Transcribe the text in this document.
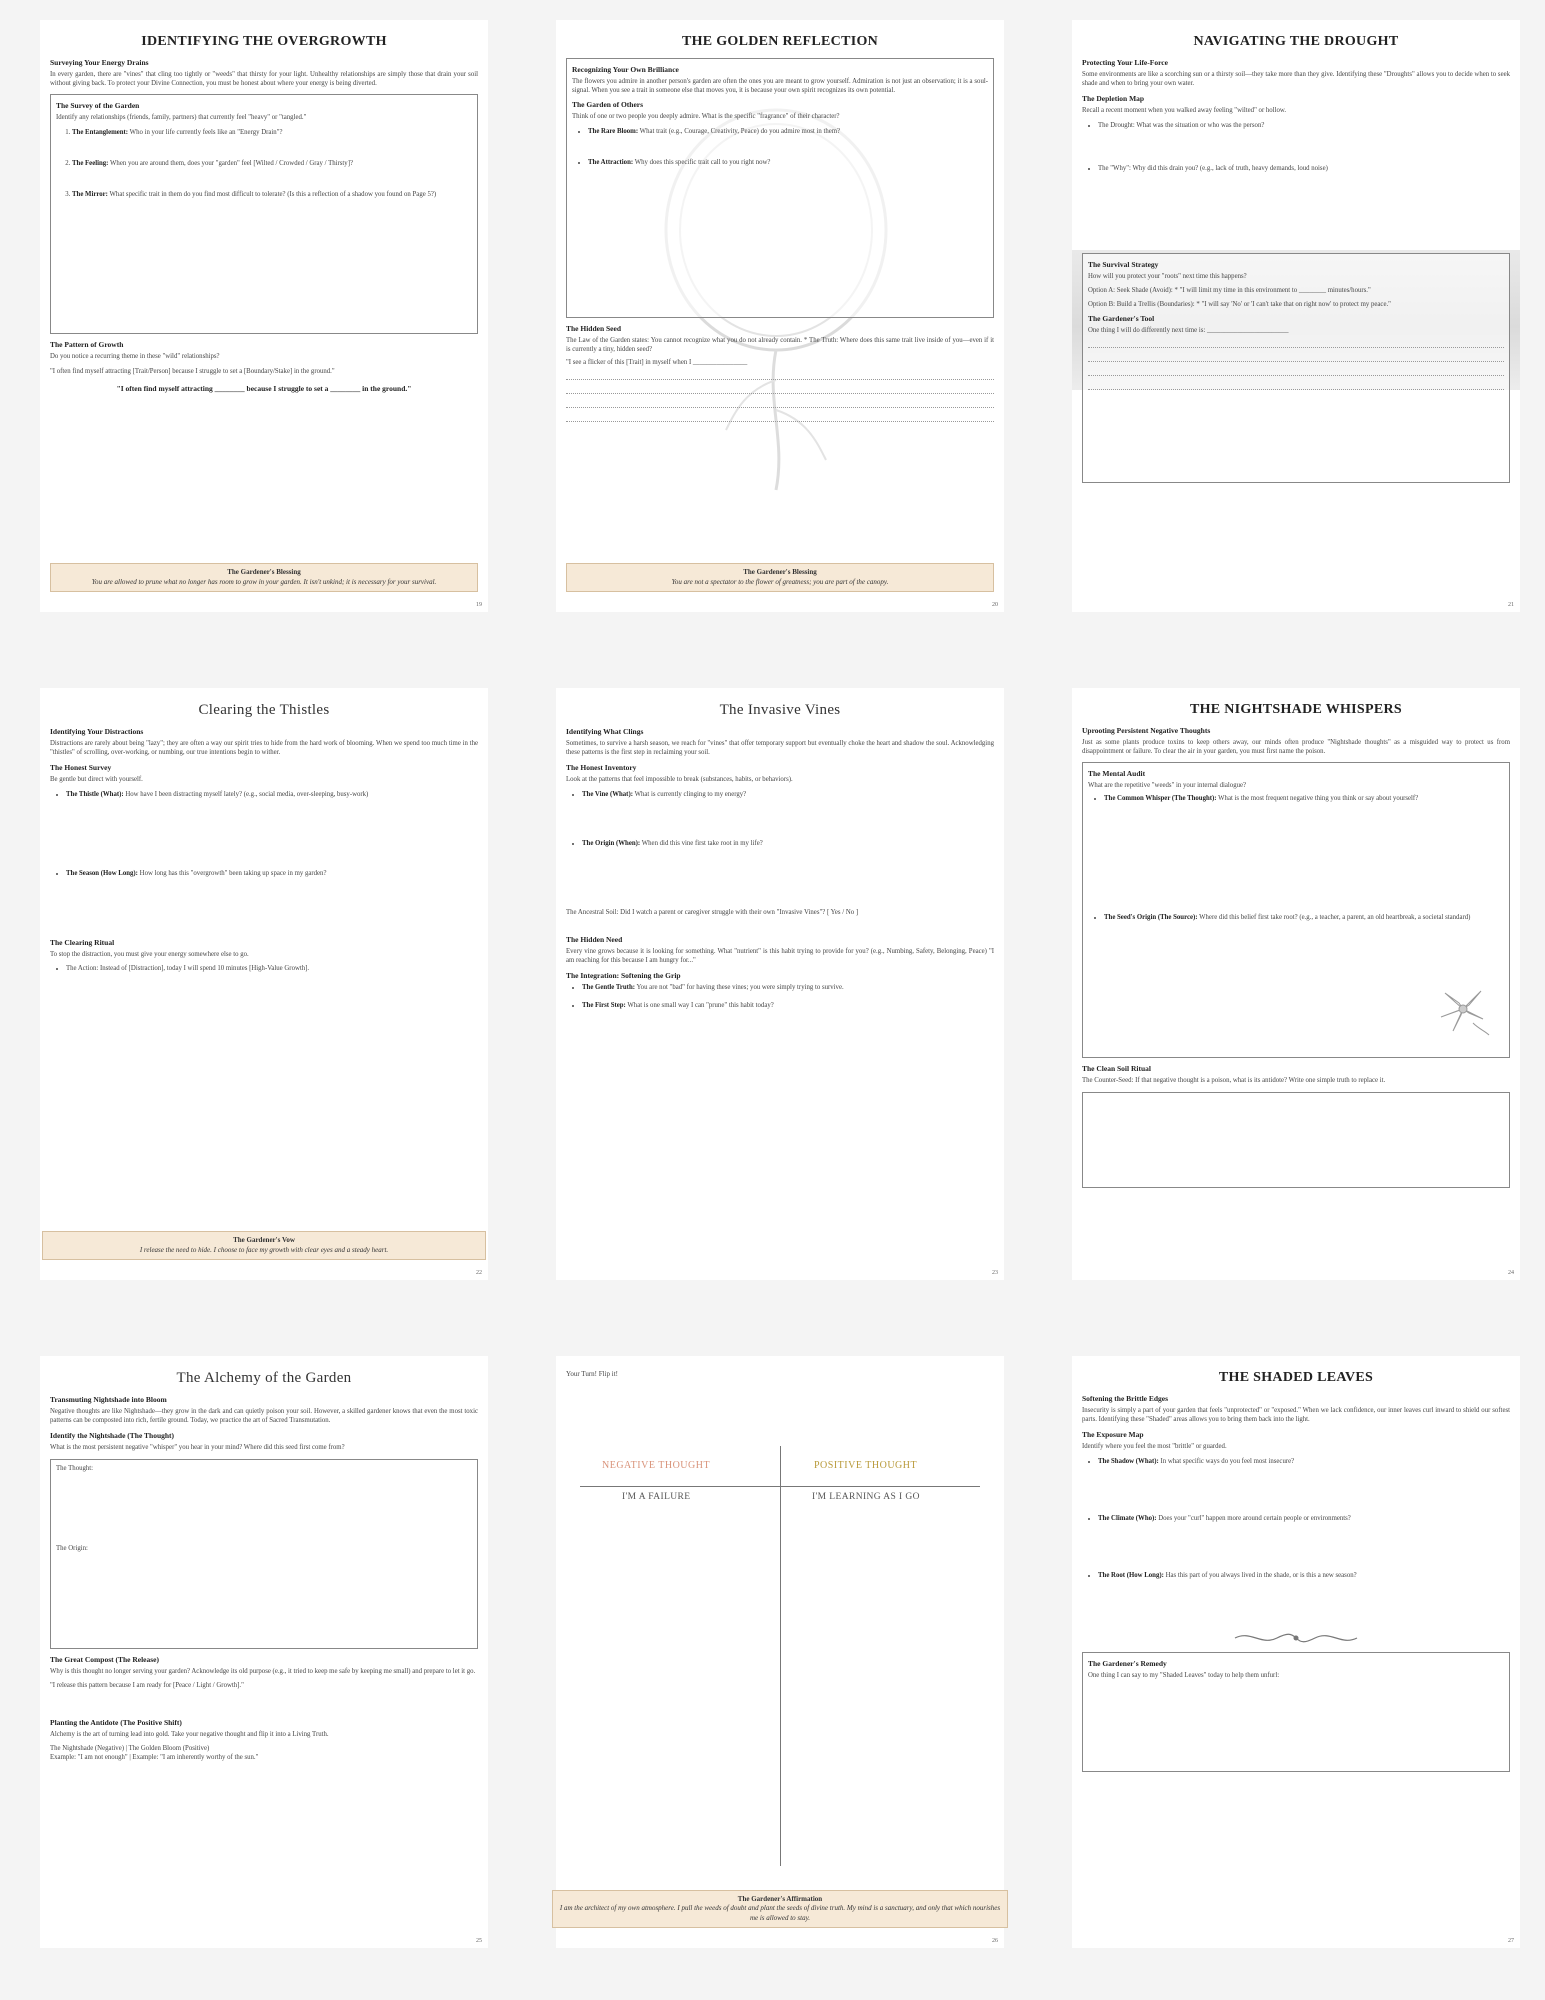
IDENTIFYING THE OVERGROWTH
Surveying Your Energy Drains
In every garden, there are "vines" that cling too tightly or "weeds" that thirsty for your light. Unhealthy relationships are simply those that drain your soil without giving back. To protect your Divine Connection, you must be honest about where your energy is being diverted.
The Survey of the Garden
Identify any relationships (friends, family, partners) that currently feel "heavy" or "tangled."
1. The Entanglement: Who in your life currently feels like an "Energy Drain"?
2. The Feeling: When you are around them, does your "garden" feel [Wilted / Crowded / Gray / Thirsty]?
3. The Mirror: What specific trait in them do you find most difficult to tolerate? (Is this a reflection of a shadow you found on Page 5?)
The Pattern of Growth
Do you notice a recurring theme in these "wild" relationships?
"I often find myself attracting [Trait/Person] because I struggle to set a [Boundary/Stake] in the ground."
"I often find myself attracting ________ because I struggle to set a ________ in the ground."
The Gardener's Blessing
You are allowed to prune what no longer has room to grow in your garden. It isn't unkind; it is necessary for your survival.
19
THE GOLDEN REFLECTION
Recognizing Your Own Brilliance
The flowers you admire in another person's garden are often the ones you are meant to grow yourself. Admiration is not just an observation; it is a soul-signal. When you see a trait in someone else that moves you, it is because your own spirit recognizes its own potential.
The Garden of Others
Think of one or two people you deeply admire. What is the specific "fragrance" of their character?
• The Rare Bloom: What trait (e.g., Courage, Creativity, Peace) do you admire most in them?
• The Attraction: Why does this specific trait call to you right now?
The Hidden Seed
The Law of the Garden states: You cannot recognize what you do not already contain. * The Truth: Where does this same trait live inside of you—even if it is currently a tiny, hidden seed?
"I see a flicker of this [Trait] in myself when I ________________
The Gardener's Blessing
You are not a spectator to the flower of greatness; you are part of the canopy.
20
NAVIGATING THE DROUGHT
Protecting Your Life-Force
Some environments are like a scorching sun or a thirsty soil—they take more than they give. Identifying these "Droughts" allows you to decide when to seek shade and when to bring your own water.
The Depletion Map
Recall a recent moment when you walked away feeling "wilted" or hollow.
• The Drought: What was the situation or who was the person?
• The "Why": Why did this drain you? (e.g., lack of truth, heavy demands, loud noise)
The Survival Strategy
How will you protect your "roots" next time this happens?
Option A: Seek Shade (Avoid): * "I will limit my time in this environment to ________ minutes/hours."
Option B: Build a Trellis (Boundaries): * "I will say 'No' or 'I can't take that on right now' to protect my peace."
The Gardener's Tool
One thing I will do differently next time is: ________________________
21
Clearing the Thistles
Identifying Your Distractions
Distractions are rarely about being "lazy"; they are often a way our spirit tries to hide from the hard work of blooming. When we spend too much time in the "thistles" of scrolling, over-working, or numbing, our true intentions begin to wither.
The Honest Survey
Be gentle but direct with yourself.
• The Thistle (What): How have I been distracting myself lately? (e.g., social media, over-sleeping, busy-work)
• The Season (How Long): How long has this "overgrowth" been taking up space in my garden?
The Clearing Ritual
To stop the distraction, you must give your energy somewhere else to go.
• The Action: Instead of [Distraction], today I will spend 10 minutes [High-Value Growth].
The Gardener's Vow
I release the need to hide. I choose to face my growth with clear eyes and a steady heart.
22
The Invasive Vines
Identifying What Clings
Sometimes, to survive a harsh season, we reach for "vines" that offer temporary support but eventually choke the heart and shadow the soul. Acknowledging these patterns is the first step in reclaiming your soil.
The Honest Inventory
Look at the patterns that feel impossible to break (substances, habits, or behaviors).
• The Vine (What): What is currently clinging to my energy?
• The Origin (When): When did this vine first take root in my life?
The Ancestral Soil: Did I watch a parent or caregiver struggle with their own "Invasive Vines"? [ Yes / No ]
The Hidden Need
Every vine grows because it is looking for something. What "nutrient" is this habit trying to provide for you? (e.g., Numbing, Safety, Belonging, Peace) "I am reaching for this because I am hungry for..."
The Integration: Softening the Grip
• The Gentle Truth: You are not "bad" for having these vines; you were simply trying to survive.
• The First Step: What is one small way I can "prune" this habit today?
23
THE NIGHTSHADE WHISPERS
Uprooting Persistent Negative Thoughts
Just as some plants produce toxins to keep others away, our minds often produce "Nightshade thoughts" as a misguided way to protect us from disappointment or failure. To clear the air in your garden, you must first name the poison.
The Mental Audit
What are the repetitive "weeds" in your internal dialogue?
• The Common Whisper (The Thought): What is the most frequent negative thing you think or say about yourself?
• The Seed's Origin (The Source): Where did this belief first take root? (e.g., a teacher, a parent, an old heartbreak, a societal standard)
The Clean Soil Ritual
The Counter-Seed: If that negative thought is a poison, what is its antidote? Write one simple truth to replace it.
24
The Alchemy of the Garden
Transmuting Nightshade into Bloom
Negative thoughts are like Nightshade—they grow in the dark and can quietly poison your soil. However, a skilled gardener knows that even the most toxic patterns can be composted into rich, fertile ground. Today, we practice the art of Sacred Transmutation.
Identify the Nightshade (The Thought)
What is the most persistent negative "whisper" you hear in your mind? Where did this seed first come from?
The Thought:
The Origin:
The Great Compost (The Release)
Why is this thought no longer serving your garden? Acknowledge its old purpose (e.g., it tried to keep me safe by keeping me small) and prepare to let it go.
"I release this pattern because I am ready for [Peace / Light / Growth]."
Planting the Antidote (The Positive Shift)
Alchemy is the art of turning lead into gold. Take your negative thought and flip it into a Living Truth.
The Nightshade (Negative) | The Golden Bloom (Positive)
Example: "I am not enough" | Example: "I am inherently worthy of the sun."
25
Your Turn! Flip it!
NEGATIVE THOUGHT	POSITIVE THOUGHT
I'M A FAILURE	I'M LEARNING AS I GO
The Gardener's Affirmation
I am the architect of my own atmosphere. I pull the weeds of doubt and plant the seeds of divine truth. My mind is a sanctuary, and only that which nourishes me is allowed to stay.
26
THE SHADED LEAVES
Softening the Brittle Edges
Insecurity is simply a part of your garden that feels "unprotected" or "exposed." When we lack confidence, our inner leaves curl inward to shield our softest parts. Identifying these "Shaded" areas allows you to bring them back into the light.
The Exposure Map
Identify where you feel the most "brittle" or guarded.
• The Shadow (What): In what specific ways do you feel most insecure?
• The Climate (Who): Does your "curl" happen more around certain people or environments?
• The Root (How Long): Has this part of you always lived in the shade, or is this a new season?
The Gardener's Remedy
One thing I can say to my "Shaded Leaves" today to help them unfurl:
27
